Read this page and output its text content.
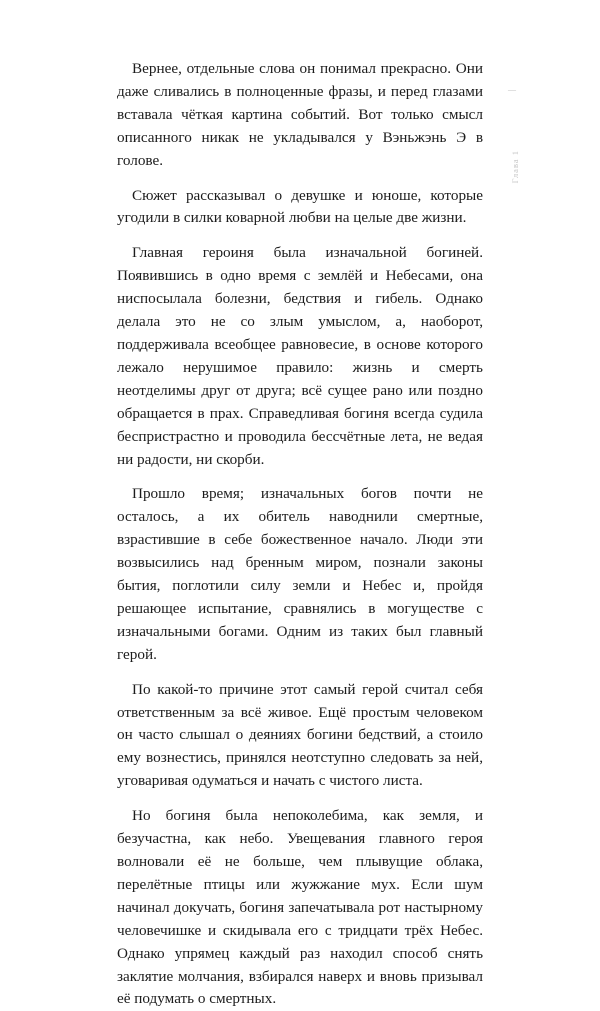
Вернее, отдельные слова он понимал прекрасно. Они даже сливались в полноценные фразы, и перед глазами вставала чёткая картина событий. Вот только смысл описанного никак не укладывался у Вэньжэнь Э в голове.

Сюжет рассказывал о девушке и юноше, которые угодили в силки коварной любви на целые две жизни.

Главная героиня была изначальной богиней. Появившись в одно время с землёй и Небесами, она ниспосылала болезни, бедствия и гибель. Однако делала это не со злым умыслом, а, наоборот, поддерживала всеобщее равновесие, в основе которого лежало нерушимое правило: жизнь и смерть неотделимы друг от друга; всё сущее рано или поздно обращается в прах. Справедливая богиня всегда судила беспристрастно и проводила бессчётные лета, не ведая ни радости, ни скорби.

Прошло время; изначальных богов почти не осталось, а их обитель наводнили смертные, взрастившие в себе божественное начало. Люди эти возвысились над бренным миром, познали законы бытия, поглотили силу земли и Небес и, пройдя решающее испытание, сравнялись в могуществе с изначальными богами. Одним из таких был главный герой.

По какой-то причине этот самый герой считал себя ответственным за всё живое. Ещё простым человеком он часто слышал о деяниях богини бедствий, а стоило ему вознестись, принялся неотступно следовать за ней, уговаривая одуматься и начать с чистого листа.

Но богиня была непоколебима, как земля, и безучастна, как небо. Увещевания главного героя волновали её не больше, чем плывущие облака, перелётные птицы или жужжание мух. Если шум начинал докучать, богиня запечатывала рот настырному человечишке и скидывала его с тридцати трёх Небес. Однако упрямец каждый раз находил способ снять заклятие молчания, взбирался наверх и вновь призывал её подумать о смертных.

—
Глава 1
